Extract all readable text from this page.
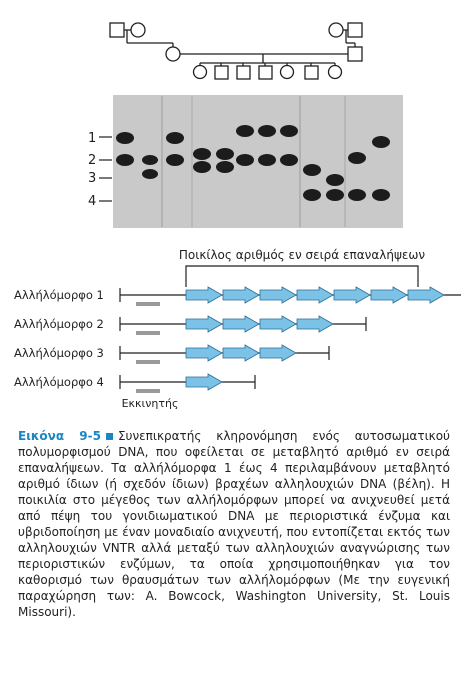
1
2
3
4
Ποικίλος αριθμός εν σειρά επαναλήψεων
Αλλήλόμορφο 1
Αλλήλόμορφο 2
Αλλήλόμορφο 3
Αλλήλόμορφο 4
Εκκινητής
Εικόνα 9-5 Συνεπικρατής κληρονόμηση ενός αυτοσωματικού πολυμορφισμού DNA, που οφείλεται σε μεταβλητό αριθμό εν σειρά επαναλήψεων. Τα αλλήλόμορφα 1 έως 4 περιλαμβάνουν μεταβλητό αριθμό ίδιων (ή σχεδόν ίδιων) βραχέων αλληλουχιών DNA (βέλη). Η ποικιλία στο μέγεθος των αλλήλομόρφων μπορεί να ανιχνευθεί μετά από πέψη του γονιδιωματικού DNA με περιοριστικά ένζυμα και υβριδοποίηση με έναν μοναδιαίο ανιχνευτή, που εντοπίζεται εκτός των αλληλουχιών VNTR αλλά μεταξύ των αλληλουχιών αναγνώρισης των περιοριστικών ενζύμων, τα οποία χρησιμοποιήθηκαν για τον καθορισμό των θραυσμάτων των αλλήλομόρφων (Με την ευγενική παραχώρηση των: A. Bowcock, Washington University, St. Louis Missouri).
